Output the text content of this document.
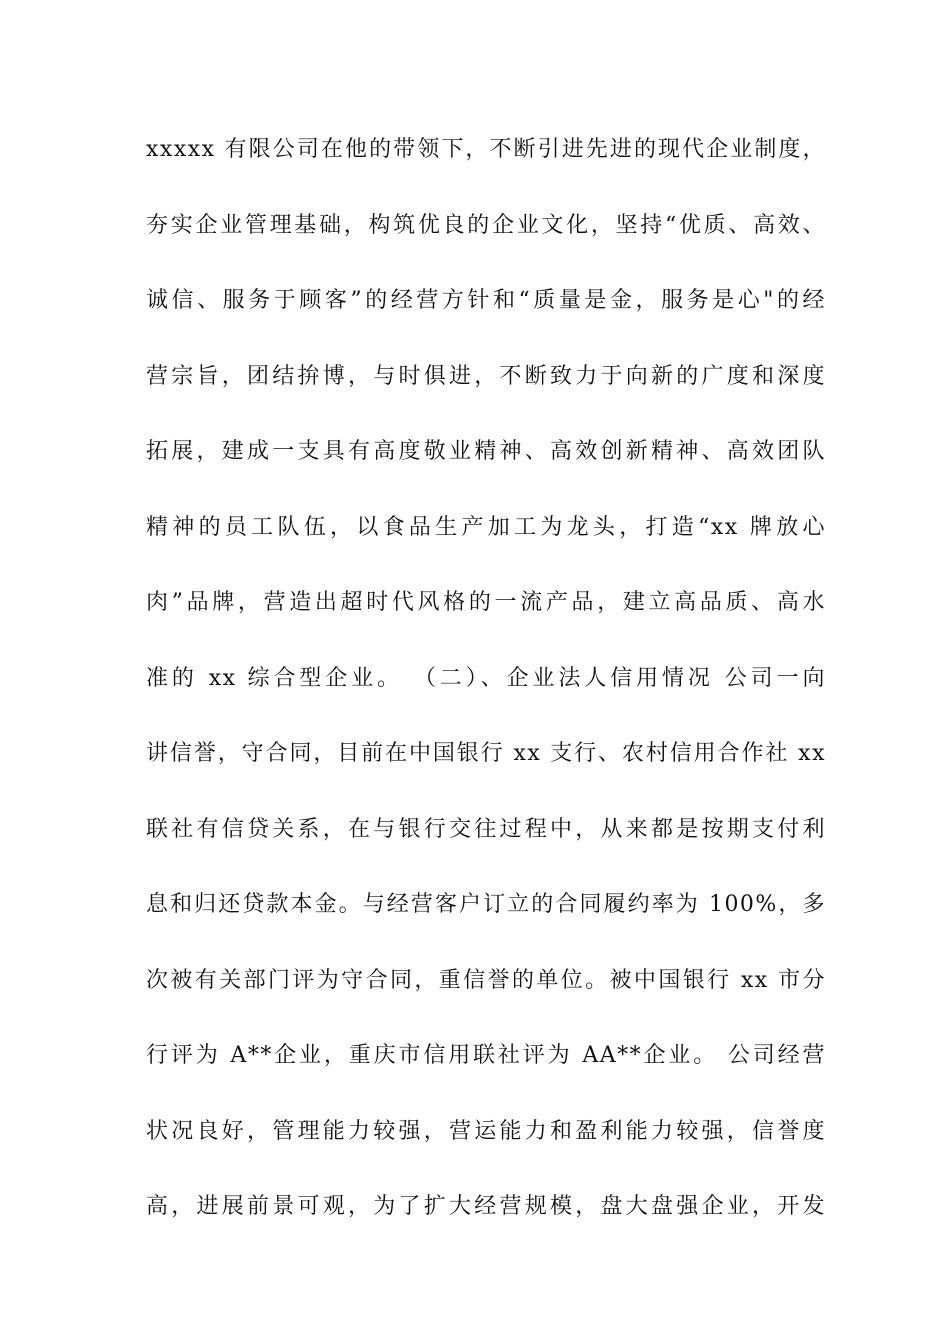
xxxxx 有限公司在他的带领下，不断引进先进的现代企业制度，
夯实企业管理基础，构筑优良的企业文化，坚持“优质、高效、
诚信、服务于顾客”的经营方针和“质量是金，服务是心"的经
营宗旨，团结拚博，与时俱进，不断致力于向新的广度和深度
拓展，建成一支具有高度敬业精神、高效创新精神、高效团队
精神的员工队伍，以食品生产加工为龙头，打造“xx 牌放心
肉”品牌，营造出超时代风格的一流产品，建立高品质、高水
准的 xx 综合型企业。 （二）、企业法人信用情况 公司一向
讲信誉，守合同，目前在中国银行 xx 支行、农村信用合作社 xx
联社有信贷关系，在与银行交往过程中，从来都是按期支付利
息和归还贷款本金。与经营客户订立的合同履约率为 100%，多
次被有关部门评为守合同，重信誉的单位。被中国银行 xx 市分
行评为 A**企业，重庆市信用联社评为 AA**企业。 公司经营
状况良好，管理能力较强，营运能力和盈利能力较强，信誉度
高，进展前景可观，为了扩大经营规模，盘大盘强企业，开发
